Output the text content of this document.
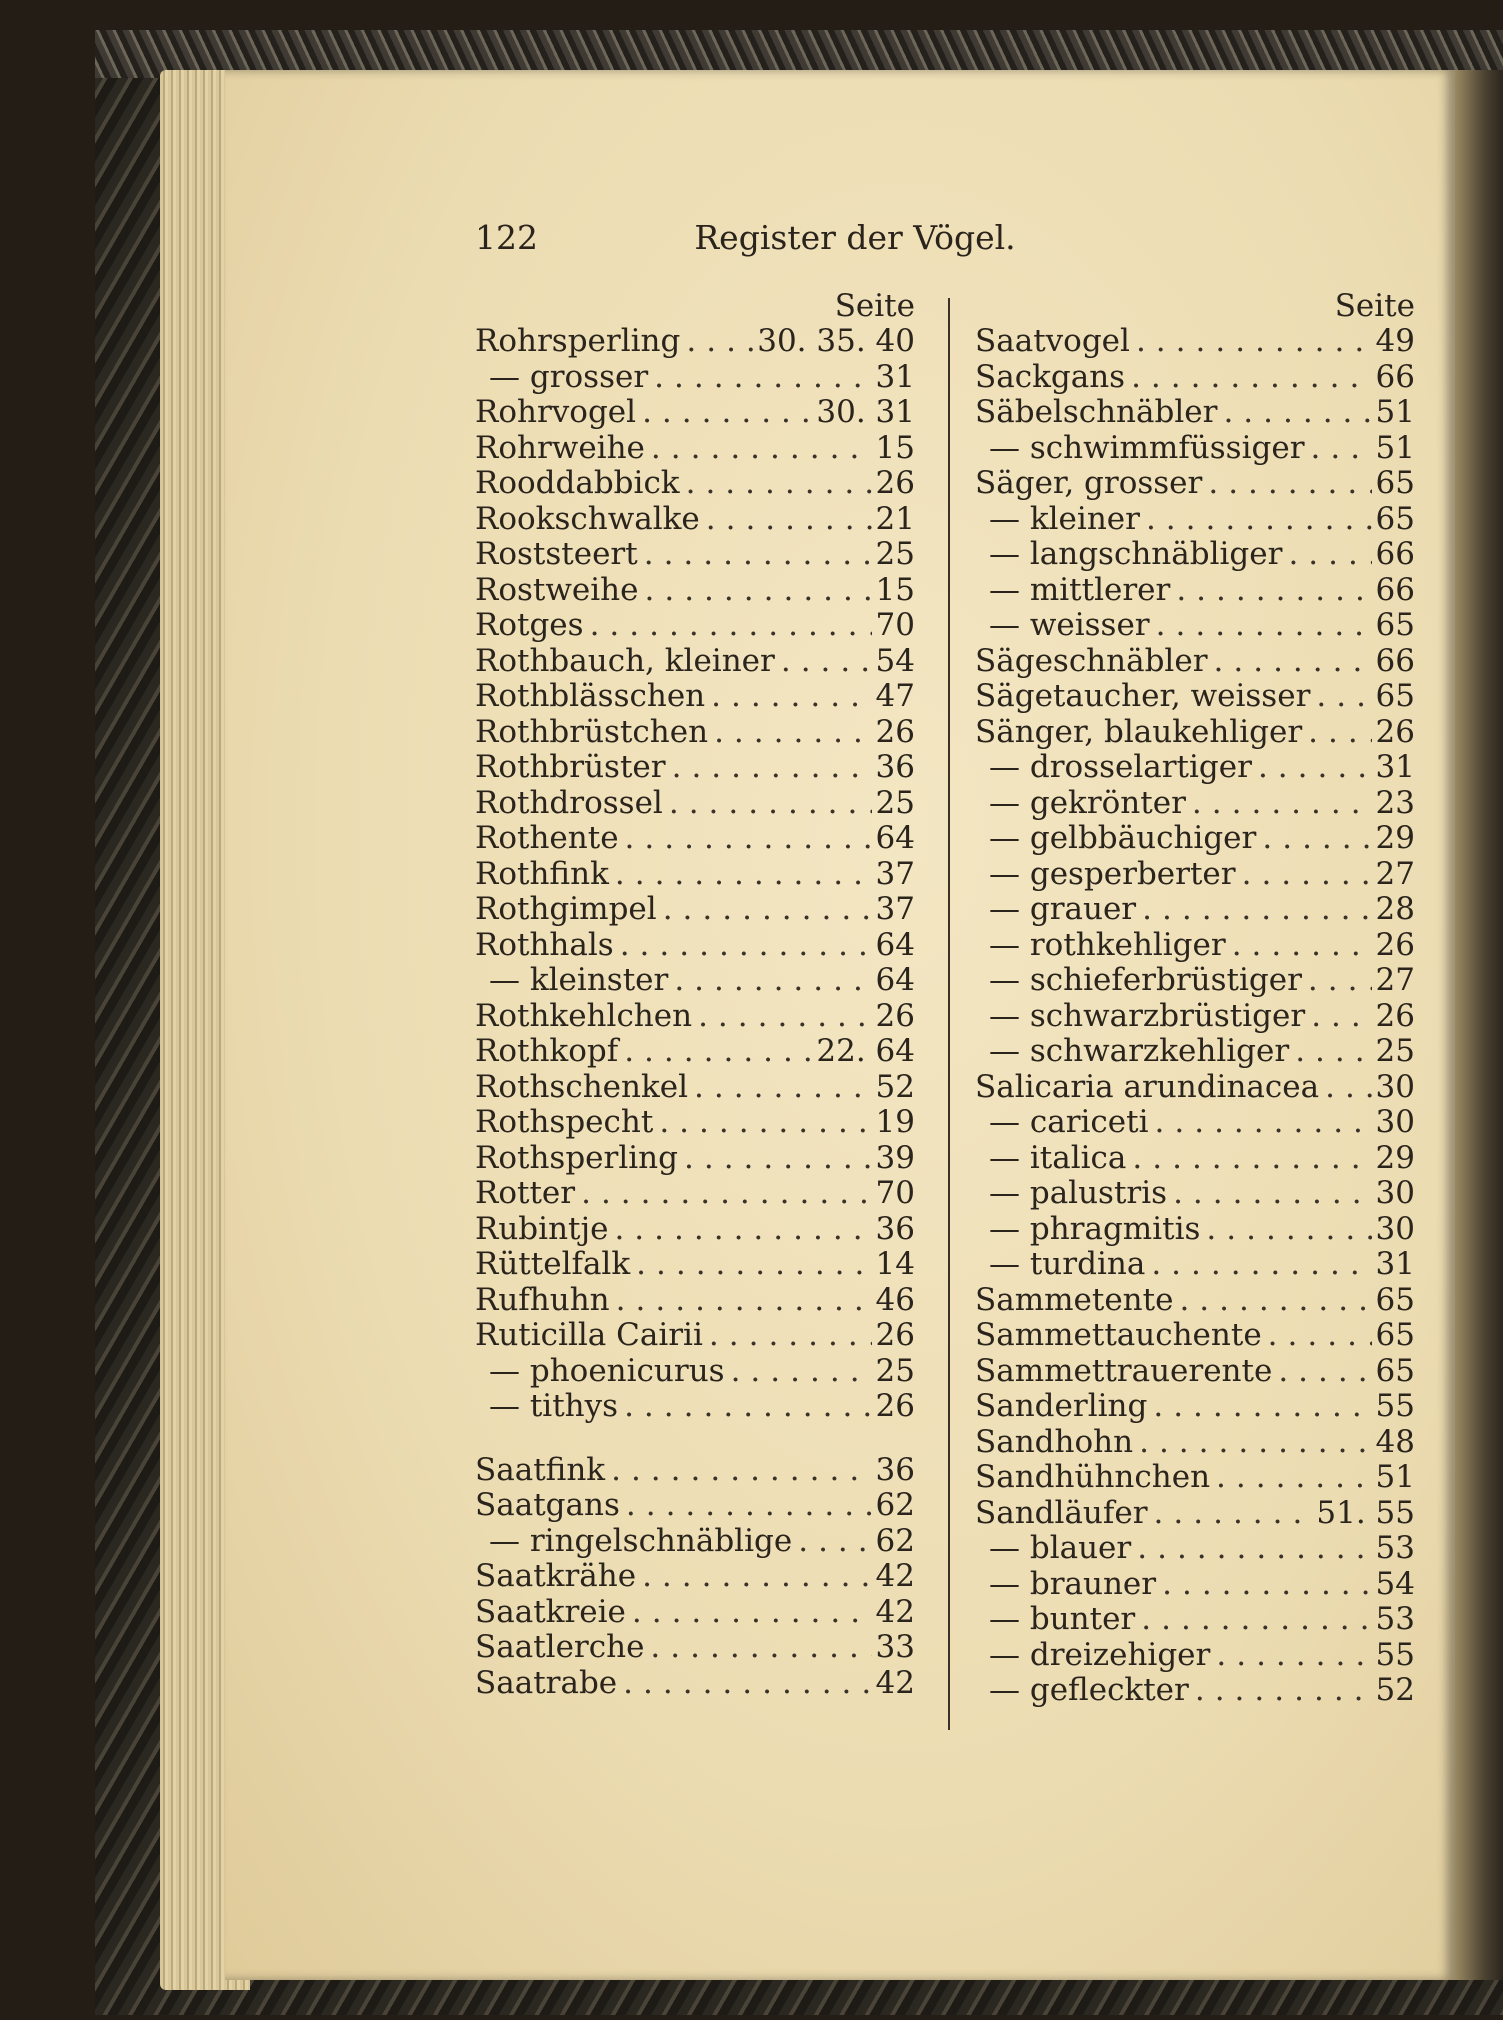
122	Register der Vögel.
Seite
Rohrsperling ..... 30. 35. 40
— grosser .....	31
Rohrvogel .....	30. 31
Rohrweihe .....	15
Rooddabbick .....	26
Rookschwalke .....	21
Roststeert .....	25
Rostweihe .....	15
Rotges .....	70
Rothbauch, kleiner .....	54
Rothblässchen .....	47
Rothbrüstchen .....	26
Rothbrüster .....	36
Rothdrossel .....	25
Rothente .....	64
Rothfink .....	37
Rothgimpel .....	37
Rothhals .....	64
— kleinster .....	64
Rothkehlchen .....	26
Rothkopf .....	22. 64
Rothschenkel .....	52
Rothspecht .....	19
Rothsperling .....	39
Rotter .....	70
Rubintje .....	36
Rüttelfalk .....	14
Rufhuhn .....	46
Ruticilla Cairii .....	26
— phoenicurus .....	25
— tithys .....	26
Saatfink .....	36
Saatgans .....	62
— ringelschnäblige .....	62
Saatkrähe .....	42
Saatkreie .....	42
Saatlerche .....	33
Saatrabe .....	42
Seite
Saatvogel .....	49
Sackgans .....	66
Säbelschnäbler .....	51
— schwimmfüssiger ..... 51
Säger, grosser .....	65
— kleiner .....	65
— langschnäbliger .....	66
— mittlerer .....	66
— weisser .....	65
Sägeschnäbler .....	66
Sägetaucher, weisser ..... 65
Sänger, blaukehliger ..... 26
— drosselartiger .....	31
— gekrönter .....	23
— gelbbäuchiger .....	29
— gesperberter .....	27
— grauer .....	28
— rothkehliger .....	26
— schieferbrüstiger ..... 27
— schwarzbrüstiger ..... 26
— schwarzkehliger .....	25
Salicaria arundinacea ..... 30
— cariceti .....	30
— italica .....	29
— palustris .....	30
— phragmitis .....	30
— turdina .....	31
Sammetente .....	65
Sammettauchente .....	65
Sammettrauerente .....	65
Sanderling .....	55
Sandhohn .....	48
Sandhühnchen .....	51
Sandläufer .....	51. 55
— blauer .....	53
— brauner .....	54
— bunter .....	53
— dreizehiger .....	55
— gefleckter .....	52
